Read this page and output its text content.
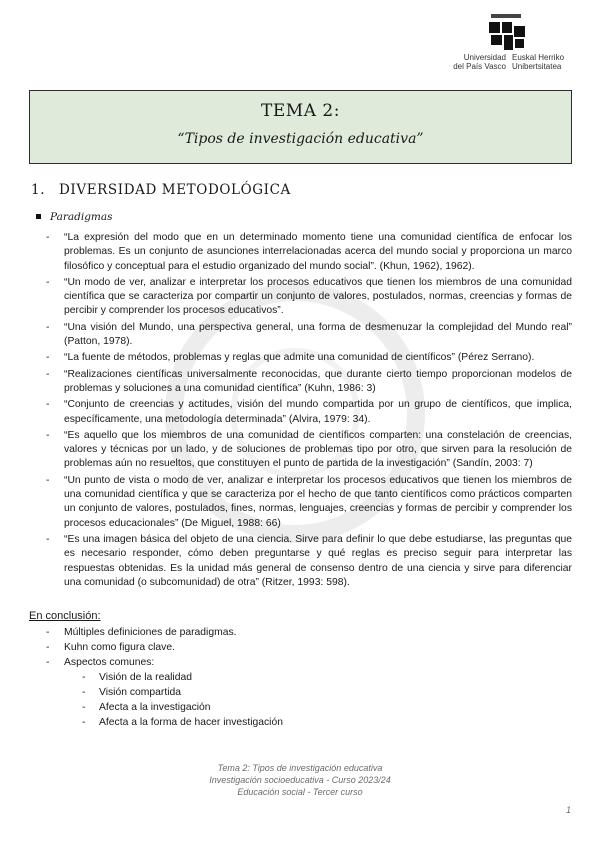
Universidad
del País Vasco
Euskal Herriko
Unibertsitatea
TEMA 2:
“Tipos de investigación educativa”
1. DIVERSIDAD METODOLÓGICA
Paradigmas
- “La expresión del modo que en un determinado momento tiene una comunidad científica de enfocar los problemas. Es un conjunto de asunciones interrelacionadas acerca del mundo social y proporciona un marco filosófico y conceptual para el estudio organizado del mundo social”. (Khun, 1962), 1962).
- “Un modo de ver, analizar e interpretar los procesos educativos que tienen los miembros de una comunidad científica que se caracteriza por compartir un conjunto de valores, postulados, normas, creencias y formas de percibir y comprender los procesos educativos”.
- “Una visión del Mundo, una perspectiva general, una forma de desmenuzar la complejidad del Mundo real” (Patton, 1978).
- “La fuente de métodos, problemas y reglas que admite una comunidad de científicos” (Pérez Serrano).
- “Realizaciones científicas universalmente reconocidas, que durante cierto tiempo proporcionan modelos de problemas y soluciones a una comunidad científica” (Kuhn, 1986: 3)
- “Conjunto de creencias y actitudes, visión del mundo compartida por un grupo de científicos, que implica, específicamente, una metodología determinada” (Alvira, 1979: 34).
- “Es aquello que los miembros de una comunidad de científicos comparten: una constelación de creencias, valores y técnicas por un lado, y de soluciones de problemas tipo por otro, que sirven para la resolución de problemas aún no resueltos, que constituyen el punto de partida de la investigación” (Sandín, 2003: 7)
- “Un punto de vista o modo de ver, analizar e interpretar los procesos educativos que tienen los miembros de una comunidad científica y que se caracteriza por el hecho de que tanto científicos como prácticos comparten un conjunto de valores, postulados, fines, normas, lenguajes, creencias y formas de percibir y comprender los procesos educacionales” (De Miguel, 1988: 66)
- “Es una imagen básica del objeto de una ciencia. Sirve para definir lo que debe estudiarse, las preguntas que es necesario responder, cómo deben preguntarse y qué reglas es preciso seguir para interpretar las respuestas obtenidas. Es la unidad más general de consenso dentro de una ciencia y sirve para diferenciar una comunidad (o subcomunidad) de otra” (Ritzer, 1993: 598).
En conclusión:
- Múltiples definiciones de paradigmas.
- Kuhn como figura clave.
- Aspectos comunes:
- Visión de la realidad
- Visión compartida
- Afecta a la investigación
- Afecta a la forma de hacer investigación
Tema 2: Tipos de investigación educativa
Investigación socioeducativa - Curso 2023/24
Educación social - Tercer curso
1
